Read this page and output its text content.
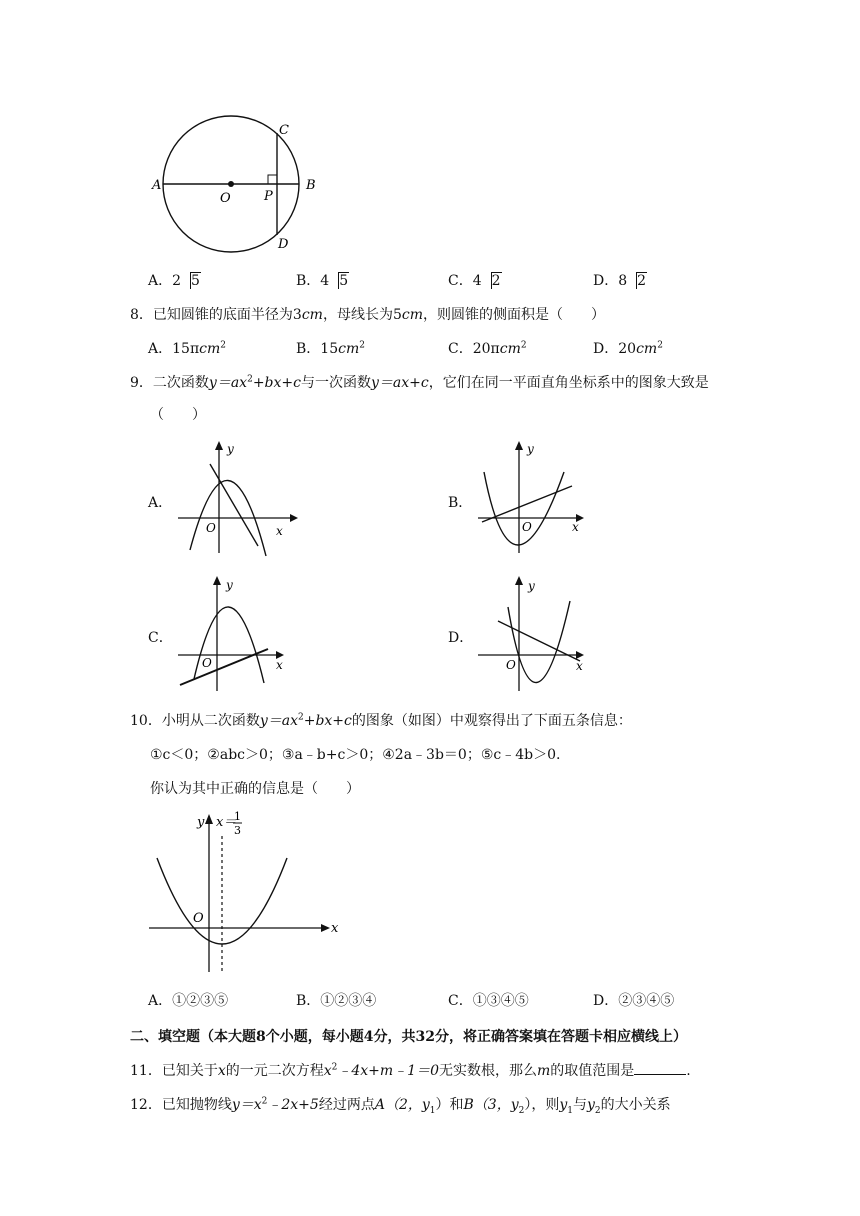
A	B
C
D
O	P
A．2 5	B．4 5	C．4 2	D．8 2
8．已知圆锥的底面半径为3cm，母线长为5cm，则圆锥的侧面积是（　　）
A．15πcm$^2$	B．$15cm^2$	C．20πcm$^2$	D．$20cm^2$
9．二次函数$y=ax^2+bx+c$与一次函数y＝ax+c，它们在同一平面直角坐标系中的图象大致是
（　　）
A．
y
x
O
B．
y
x
O
C．
y
x
O
D．
y
x
O
10．小明从二次函数$y=ax^2+bx+c$的图象（如图）中观察得出了下面五条信息：
①c＜0；②abc＞0；③a﹣b+c＞0；④2a﹣3b＝0；⑤c﹣4b＞0.
你认为其中正确的信息是（　　）
y x＝
1
3
x
O
A．①②③⑤	B．①②③④	C．①③④⑤	D．②③④⑤
二、填空题（本大题8个小题，每小题4分，共32分，将正确答案填在答题卡相应横线上）
11．已知关于x的一元二次方程$x^2﹣4x+m﹣1=0$无实数根，那么m的取值范围是	.
12．已知抛物线$y=x^2﹣2x+5$经过两点A（2，$y_1$）和B（3，$y_2$），则$y_1$与$y_2$的大小关系
